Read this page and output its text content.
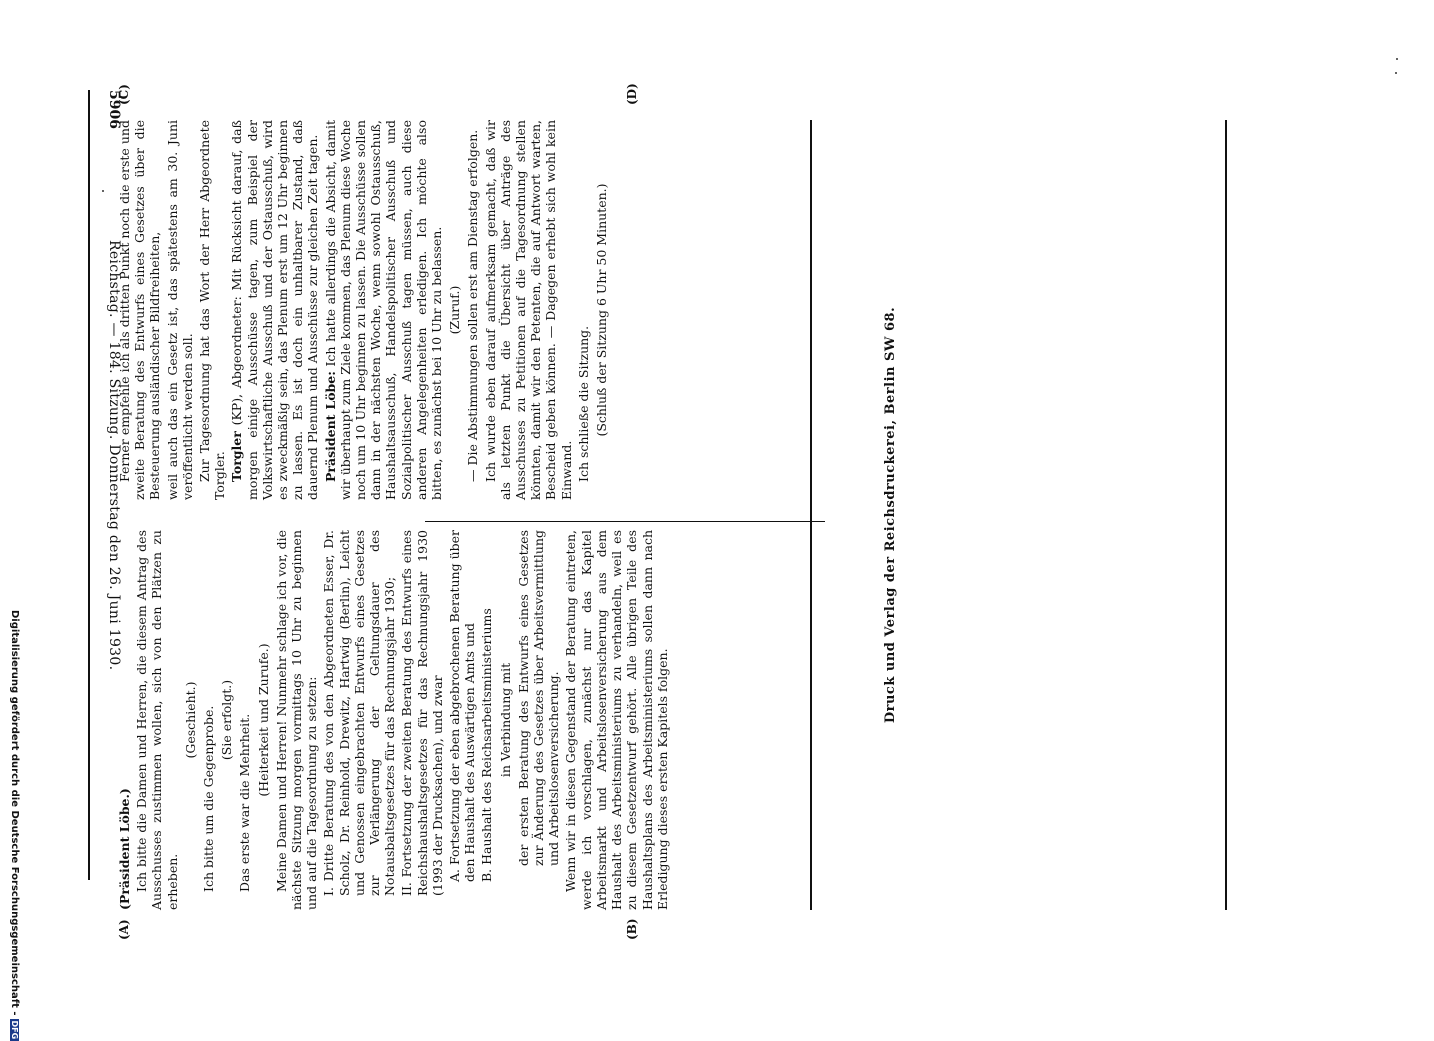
5906
Reichstag. — 184. Sitzung. Donnerstag den 26. Juni 1930.

(Präsident Löbe.) Ich bitte die Damen und Herren, die diesem Antrag des Ausschusses zustimmen wollen, sich von den Plätzen zu erheben.

(Geschieht.) Ich bitte um die Gegenprobe. (Sie erfolgt.) Das erste war die Mehrheit. (Heiterkeit und Zurufe.) Meine Damen und Herren! Nunmehr schlage ich vor, die nächste Sitzung morgen vormittags 10 Uhr zu beginnen und auf die Tagesordnung zu setzen: I. Dritte Beratung des von den Abgeordneten Esser, Dr. Scholz, Dr. Reinhold, Drewitz, Hartwig (Berlin), Leicht und Genossen eingebrachten Entwurfs eines Gesetzes zur Verlängerung der Geltungsdauer des Notausbaltsgesetzes für das Rechnungsjahr 1930; II. Fortsetzung der zweiten Beratung des Entwurfs eines Reichshaushaltsgesetzes für das Rechnungsjahr 1930 (1993 der Drucksachen), und zwar A. Fortsetzung der eben abgebrochenen Beratung über den Haushalt des Auswärtigen Amts und B. Haushalt des Reichsarbeitsministeriums in Verbindung mit der ersten Beratung des Entwurfs eines Gesetzes zur Änderung des Gesetzes über Arbeitsvermittlung und Arbeitslosenversicherung. Wenn wir in diesen Gegenstand der Beratung eintreten, werde ich vorschlagen, zunächst nur das Kapitel Arbeitsmarkt und Arbeitslosenversicherung aus dem Haushalt des Arbeitsministeriums zu verhandeln, weil es zu diesem Gesetzentwurf gehört. Alle übrigen Teile des Haushaltsplans des Arbeitsministeriums sollen dann nach Erledigung dieses ersten Kapitels folgen.

Ferner empfehle ich als dritten Punkt noch die erste und zweite Beratung des Entwurfs eines Gesetzes über die Besteuerung ausländischer Bildfreiheiten, weil auch das ein Gesetz ist, das spätestens am 30. Juni veröffentlicht werden soll. Zur Tagesordnung hat das Wort der Herr Abgeordnete Torgler. Torgler (KP), Abgeordneter: Mit Rücksicht darauf, daß morgen einige Ausschüsse tagen, zum Beispiel der Volkswirtschaftliche Ausschuß und der Ostausschuß, wird es zweckmäßig sein, das Plenum erst um 12 Uhr beginnen zu lassen. Es ist doch ein unhaltbarer Zustand, daß dauernd Plenum und Ausschüsse zur gleichen Zeit tagen. Präsident Löbe: Ich hatte allerdings die Absicht, damit wir überhaupt zum Ziele kommen, das Plenum diese Woche noch um 10 Uhr beginnen zu lassen. Die Ausschüsse sollen dann in der nächsten Woche, wenn sowohl Ostausschuß, Haushaltsausschuß, Handelspolitischer Ausschuß und Sozialpolitischer Ausschuß tagen müssen, auch diese anderen Angelegenheiten erledigen. Ich möchte also bitten, es zunächst bei 10 Uhr zu belassen. (Zuruf.) — Die Abstimmungen sollen erst am Dienstag erfolgen. Ich wurde eben darauf aufmerksam gemacht, daß wir als letzten Punkt die Übersicht über Anträge des Ausschusses zu Petitionen auf die Tagesordnung stellen könnten, damit wir den Petenten, die auf Antwort warten, Bescheid geben können. — Dagegen erhebt sich wohl kein Einwand. Ich schließe die Sitzung. (Schluß der Sitzung 6 Uhr 50 Minuten.)

(A)	(B)
(C)	(D)
Druck und Verlag der Reichsdruckerei, Berlin SW 68.
Digitalisierung gefördert durch die Deutsche Forschungsgemeinschaft -DFG
